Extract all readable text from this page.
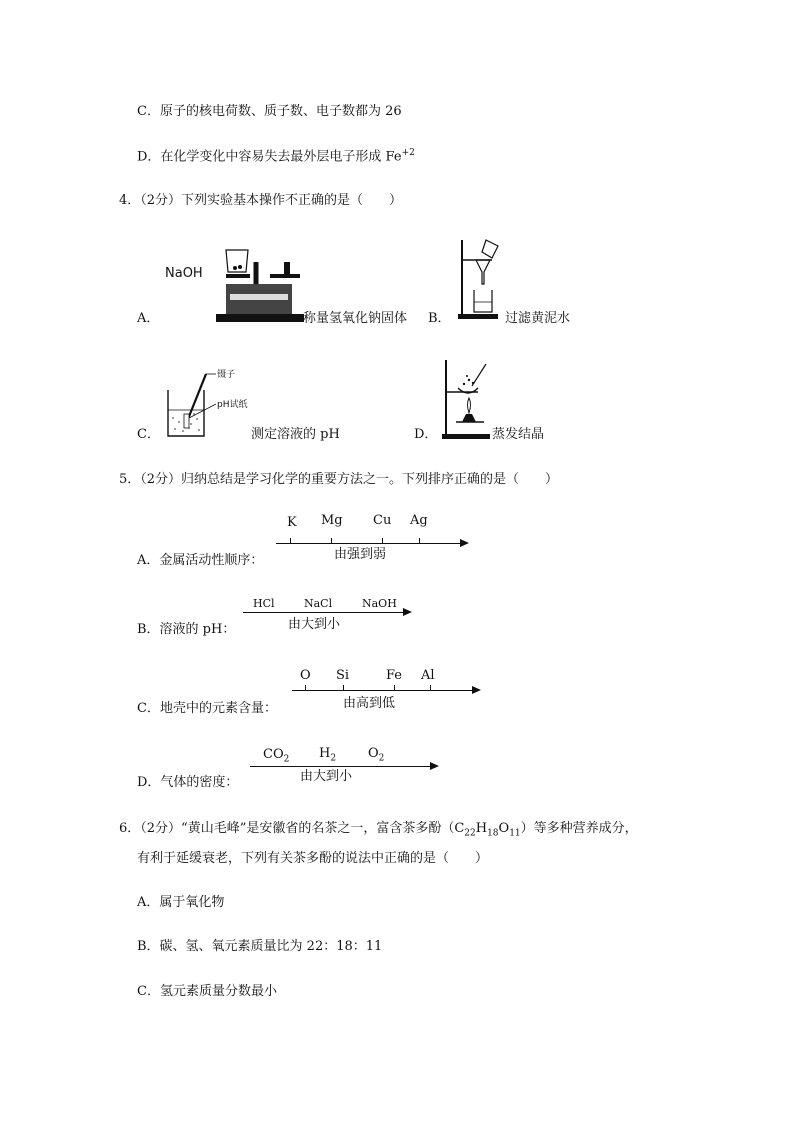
C．原子的核电荷数、质子数、电子数都为 26
D．在化学变化中容易失去最外层电子形成 $Fe^{+2}$
4．（2分）下列实验基本操作不正确的是（　　）
A．
NaOH
称量氢氧化钠固体 B．	过滤黄泥水
C．
镊子
pH试纸
测定溶液的 pH	D．	蒸发结晶
5．（2分）归纳总结是学习化学的重要方法之一。下列排序正确的是（　　）
A．金属活动性顺序：
K Mg Cu Ag
由强到弱
B．溶液的 pH：
HCl	NaCl	NaOH
由大到小
C．地壳中的元素含量：
O Si	Fe Al
由高到低
D．气体的密度：
$CO_2$ $H_2$ $O_2$
由大到小
6．（2分）“黄山毛峰”是安徽省的名茶之一，富含茶多酚$(C_{22}H_{18}O_{11})$等多种营养成分，
有利于延缓衰老，下列有关茶多酚的说法中正确的是（　　）
A．属于氧化物
B．碳、氢、氧元素质量比为 22：18：11
C．氢元素质量分数最小
